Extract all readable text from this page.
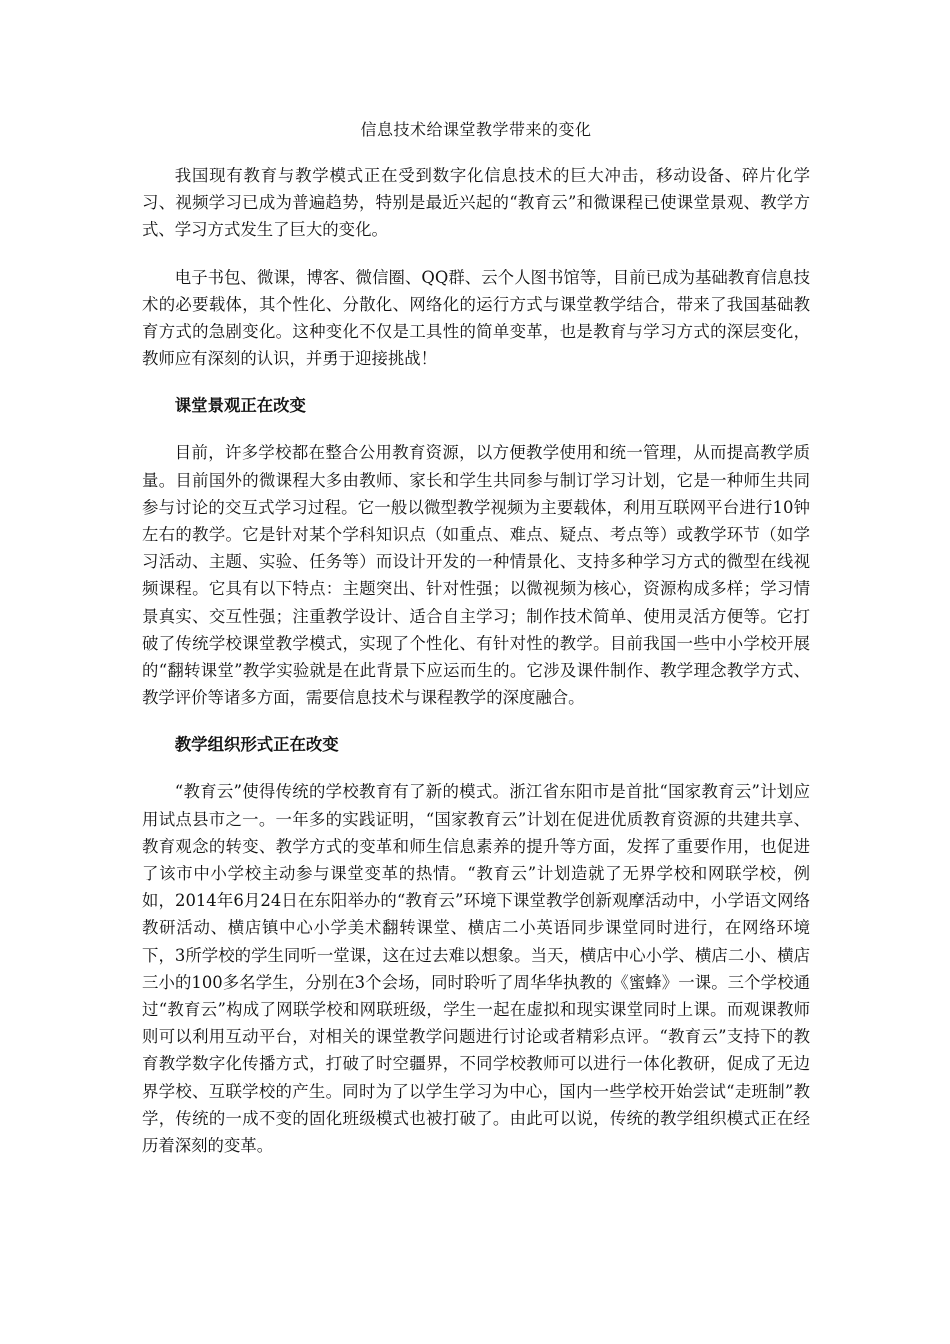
信息技术给课堂教学带来的变化

我国现有教育与教学模式正在受到数字化信息技术的巨大冲击，移动设备、碎片化学习、视频学习已成为普遍趋势，特别是最近兴起的“教育云”和微课程已使课堂景观、教学方式、学习方式发生了巨大的变化。

电子书包、微课，博客、微信圈、QQ群、云个人图书馆等，目前已成为基础教育信息技术的必要载体，其个性化、分散化、网络化的运行方式与课堂教学结合，带来了我国基础教育方式的急剧变化。这种变化不仅是工具性的简单变革，也是教育与学习方式的深层变化，教师应有深刻的认识，并勇于迎接挑战！

课堂景观正在改变

目前，许多学校都在整合公用教育资源，以方便教学使用和统一管理，从而提高教学质量。目前国外的微课程大多由教师、家长和学生共同参与制订学习计划，它是一种师生共同参与讨论的交互式学习过程。它一般以微型教学视频为主要载体，利用互联网平台进行10钟左右的教学。它是针对某个学科知识点（如重点、难点、疑点、考点等）或教学环节（如学习活动、主题、实验、任务等）而设计开发的一种情景化、支持多种学习方式的微型在线视频课程。它具有以下特点：主题突出、针对性强；以微视频为核心，资源构成多样；学习情景真实、交互性强；注重教学设计、适合自主学习；制作技术简单、使用灵活方便等。它打破了传统学校课堂教学模式，实现了个性化、有针对性的教学。目前我国一些中小学校开展的“翻转课堂”教学实验就是在此背景下应运而生的。它涉及课件制作、教学理念教学方式、教学评价等诸多方面，需要信息技术与课程教学的深度融合。

教学组织形式正在改变

“教育云”使得传统的学校教育有了新的模式。浙江省东阳市是首批“国家教育云”计划应用试点县市之一。一年多的实践证明，“国家教育云”计划在促进优质教育资源的共建共享、教育观念的转变、教学方式的变革和师生信息素养的提升等方面，发挥了重要作用，也促进了该市中小学校主动参与课堂变革的热情。“教育云”计划造就了无界学校和网联学校，例如，2014年6月24日在东阳举办的“教育云”环境下课堂教学创新观摩活动中，小学语文网络教研活动、横店镇中心小学美术翻转课堂、横店二小英语同步课堂同时进行，在网络环境下，3所学校的学生同听一堂课，这在过去难以想象。当天，横店中心小学、横店二小、横店三小的100多名学生，分别在3个会场，同时聆听了周华华执教的《蜜蜂》一课。三个学校通过“教育云”构成了网联学校和网联班级，学生一起在虚拟和现实课堂同时上课。而观课教师则可以利用互动平台，对相关的课堂教学问题进行讨论或者精彩点评。“教育云”支持下的教育教学数字化传播方式，打破了时空疆界，不同学校教师可以进行一体化教研，促成了无边界学校、互联学校的产生。同时为了以学生学习为中心，国内一些学校开始尝试“走班制”教学，传统的一成不变的固化班级模式也被打破了。由此可以说，传统的教学组织模式正在经历着深刻的变革。
